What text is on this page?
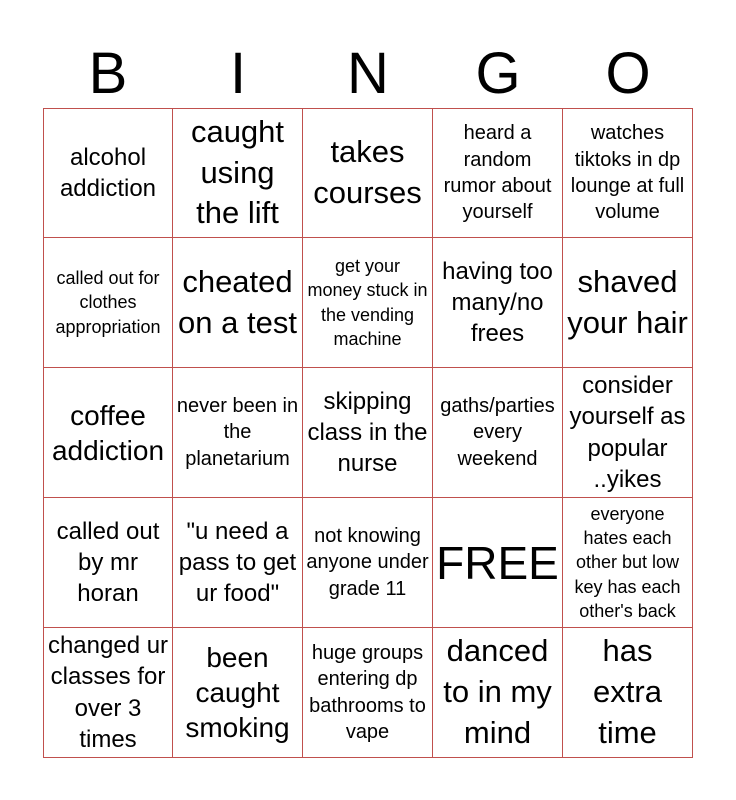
B	I	N	G	O
alcohol addiction
caught using the lift
takes courses
heard a random rumor about yourself
watches tiktoks in dp lounge at full volume
called out for clothes appropriation
cheated on a test
get your money stuck in the vending machine
having too many/no frees
shaved your hair
coffee addiction
never been in the planetarium
skipping class in the nurse
gaths/parties every weekend
consider yourself as popular ..yikes
called out by mr horan
"u need a pass to get ur food"
not knowing anyone under grade 11
FREE
everyone hates each other but low key has each other's back
changed ur classes for over 3 times
been caught smoking
huge groups entering dp bathrooms to vape
danced to in my mind
has extra time
